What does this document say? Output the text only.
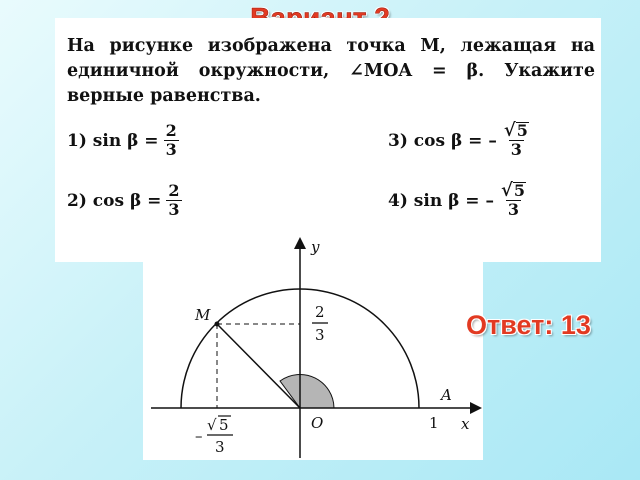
На рисунке изображена точка M, лежащая на единичной окружности, ∠MOA = β. Укажите верные равенства.
1) $\sin \beta = \frac{2}{3}$	3) cos β = – $\frac{√ 5}{3}$
2) $\cos \beta = \frac{2}{3}$	4) sin β = – $\frac{√ 5}{3}$
y
x
M
A
O	1
2
3
–
√ 5
3
Ответ: 13
